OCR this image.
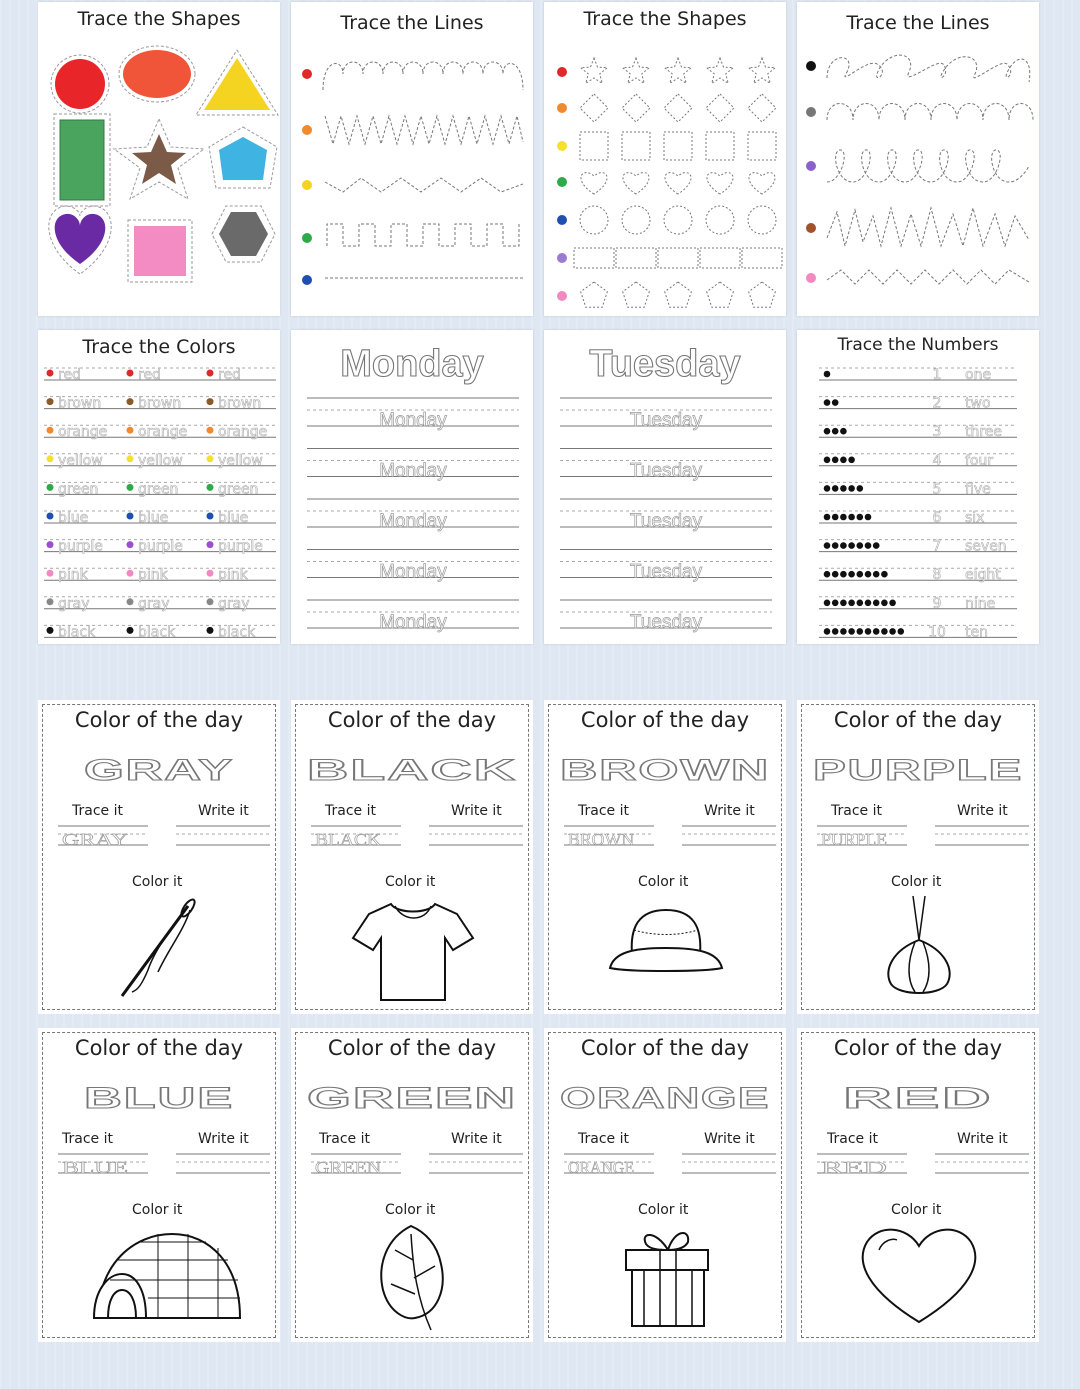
Trace the Shapes	Trace the Lines	Trace the Shapes	Trace the Lines
Trace the Colors
red	red	red
brown	brown	brown
orange orange orange
yellow	yellow	yellow
green	green	green
blue	blue	blue
purple	purple	purple
pink	pink	pink
gray	gray	gray
black	black	black
Monday
Monday
Monday
Monday
Monday
Monday
Tuesday
Tuesday
Tuesday
Tuesday
Tuesday
Tuesday
Trace the Numbers
1 one
2 two
3 three
4 four
5 five
6 six
7 seven
8 eight
9 nine
10 ten
Color of the day
GRAY
GRAY
Trace it	Write it
Color it
Color of the day
BLACK
BLACK
Trace it	Write it
Color it
Color of the day
BROWN
BROWN
Trace it	Write it
Color it
Color of the day
PURPLE
PURPLE
Trace it	Write it
Color it
Color of the day
BLUE
BLUE
Trace it	Write it
Color it
Color of the day
GREEN
GREEN
Trace it	Write it
Color it
Color of the day
ORANGE
ORANGE
Trace it	Write it
Color it
Color of the day
RED
RED
Trace it	Write it
Color it
